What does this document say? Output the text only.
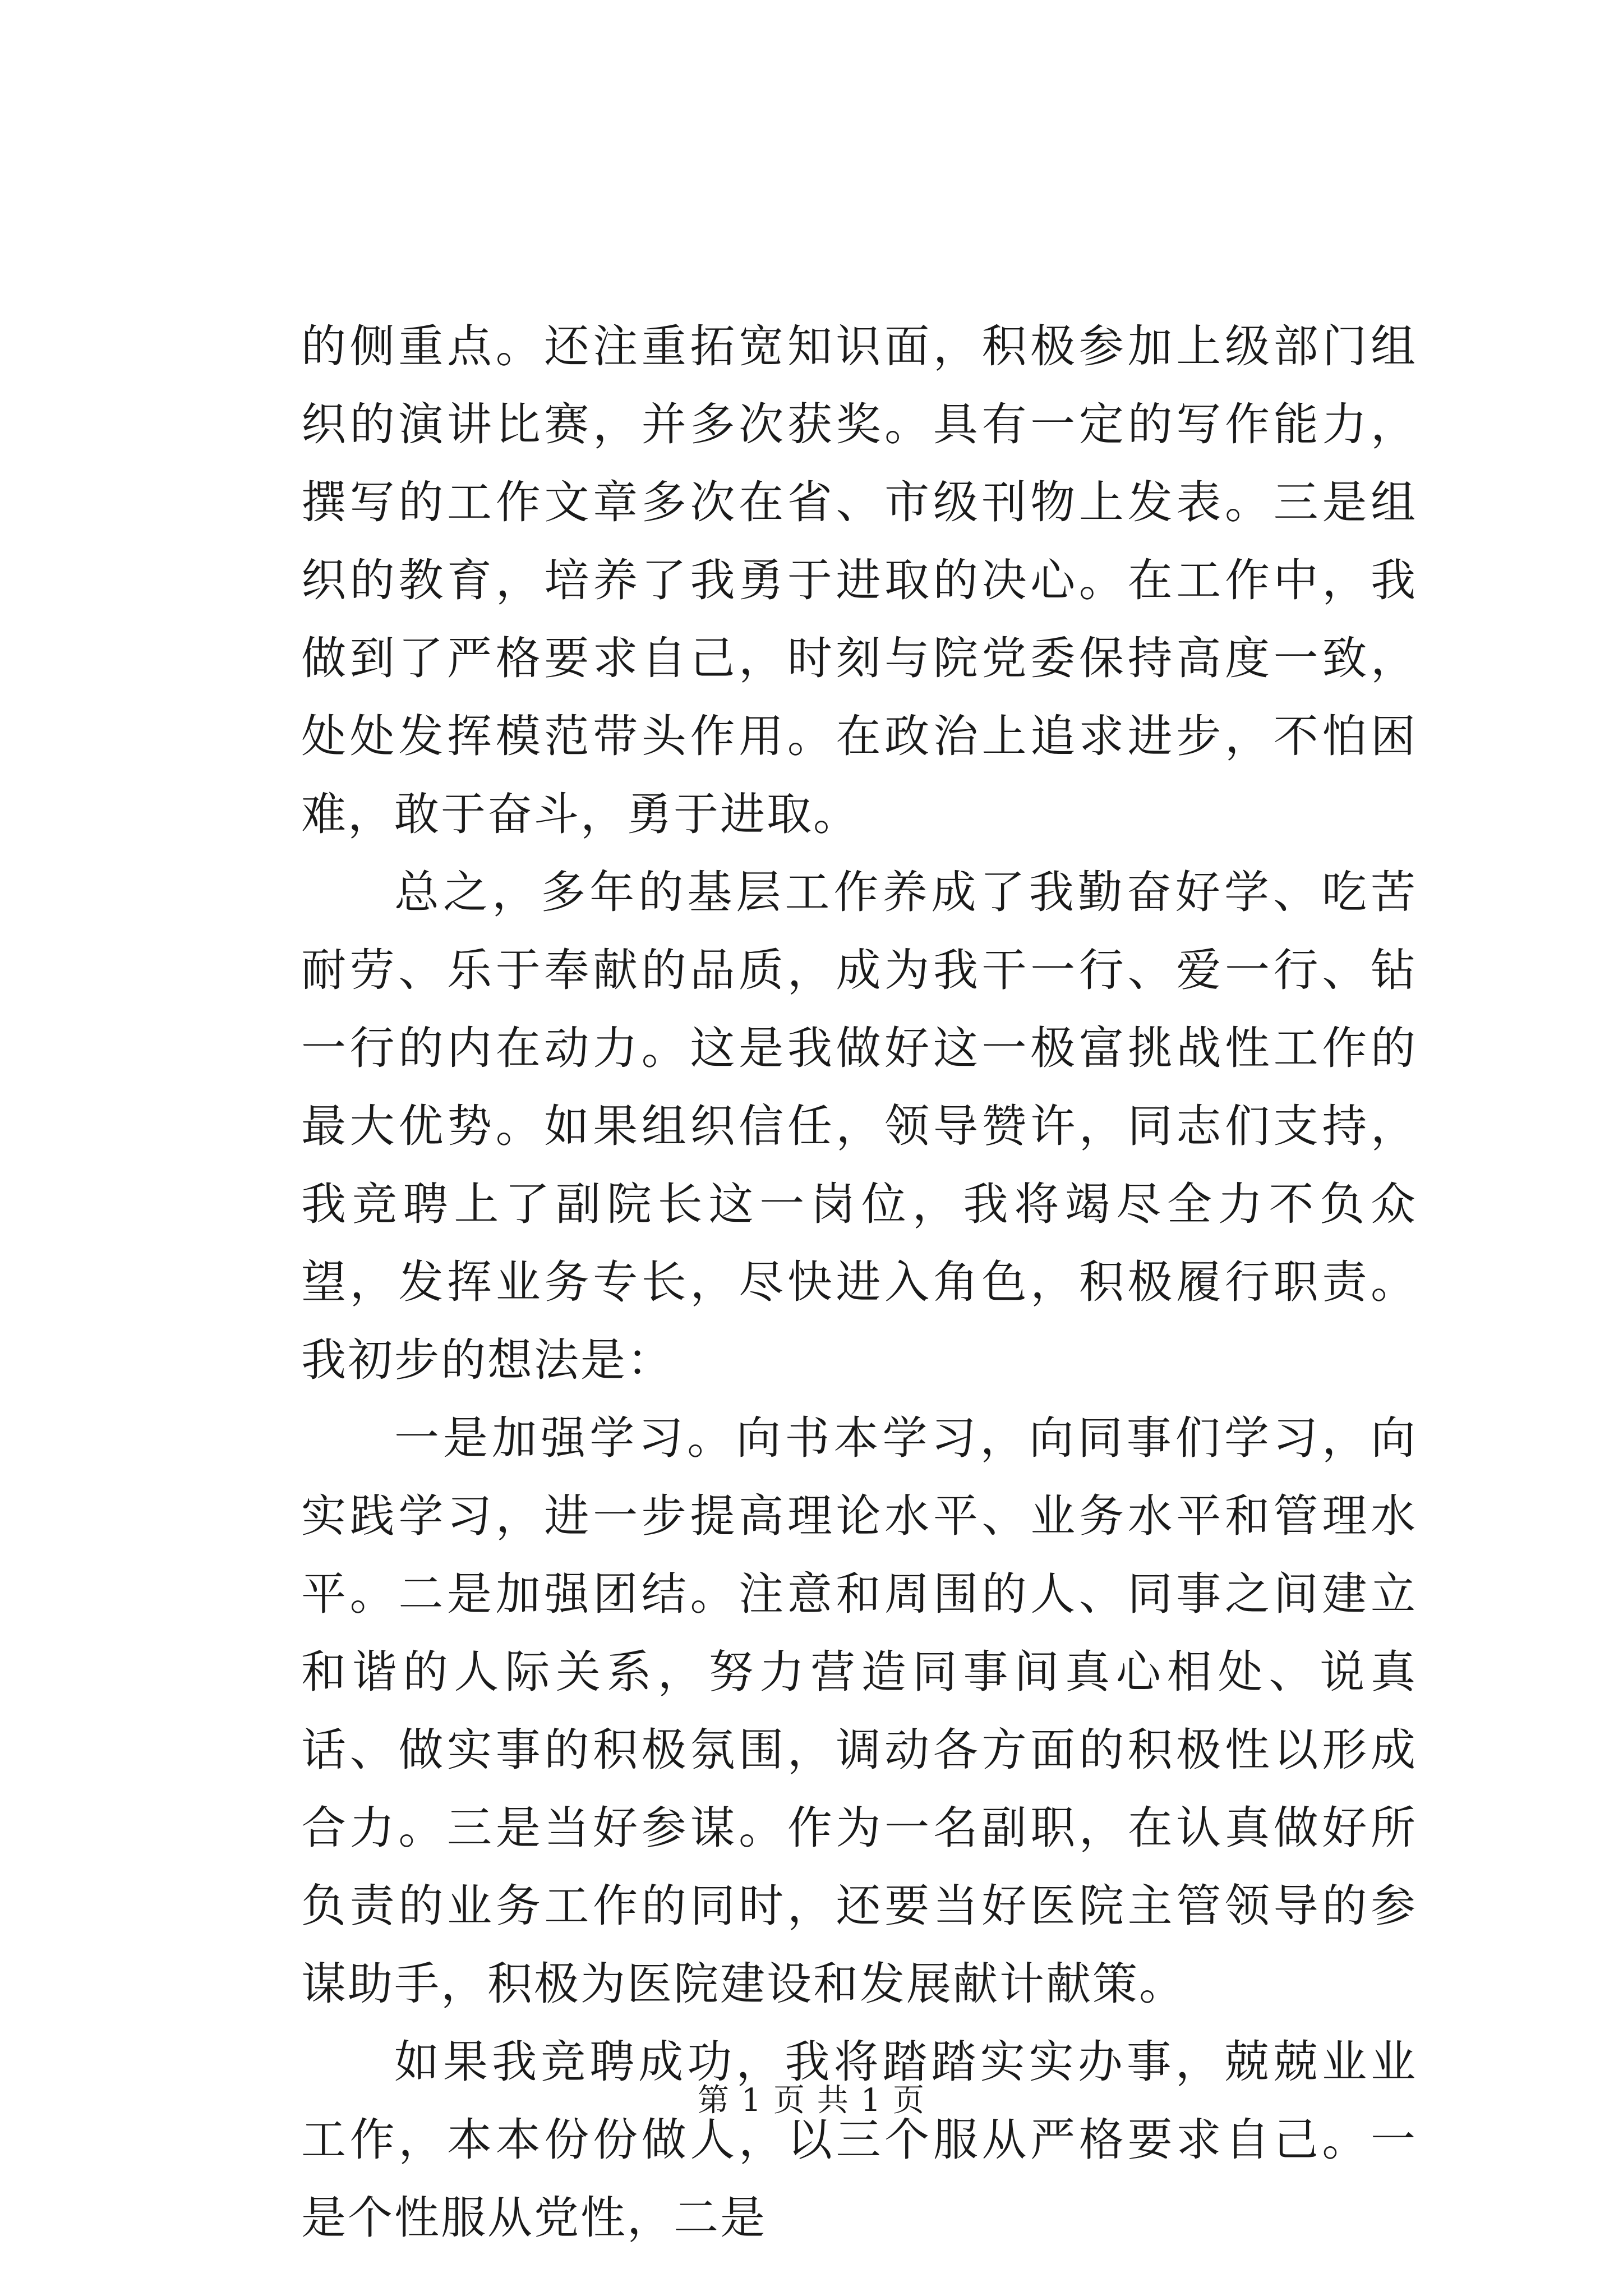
的侧重点。还注重拓宽知识面，积极参加上级部门组织的演讲比赛，并多次获奖。具有一定的写作能力，撰写的工作文章多次在省、市级刊物上发表。三是组织的教育，培养了我勇于进取的决心。在工作中，我做到了严格要求自己，时刻与院党委保持高度一致，处处发挥模范带头作用。在政治上追求进步，不怕困难，敢于奋斗，勇于进取。

总之，多年的基层工作养成了我勤奋好学、吃苦耐劳、乐于奉献的品质，成为我干一行、爱一行、钻一行的内在动力。这是我做好这一极富挑战性工作的最大优势。如果组织信任，领导赞许，同志们支持，我竞聘上了副院长这一岗位，我将竭尽全力不负众望，发挥业务专长，尽快进入角色，积极履行职责。我初步的想法是：

一是加强学习。向书本学习，向同事们学习，向实践学习，进一步提高理论水平、业务水平和管理水平。二是加强团结。注意和周围的人、同事之间建立和谐的人际关系，努力营造同事间真心相处、说真话、做实事的积极氛围，调动各方面的积极性以形成合力。三是当好参谋。作为一名副职，在认真做好所负责的业务工作的同时，还要当好医院主管领导的参谋助手，积极为医院建设和发展献计献策。

如果我竞聘成功，我将踏踏实实办事，兢兢业业工作，本本份份做人，以三个服从严格要求自己。一是个性服从党性，二是

第 1 页 共 1 页
